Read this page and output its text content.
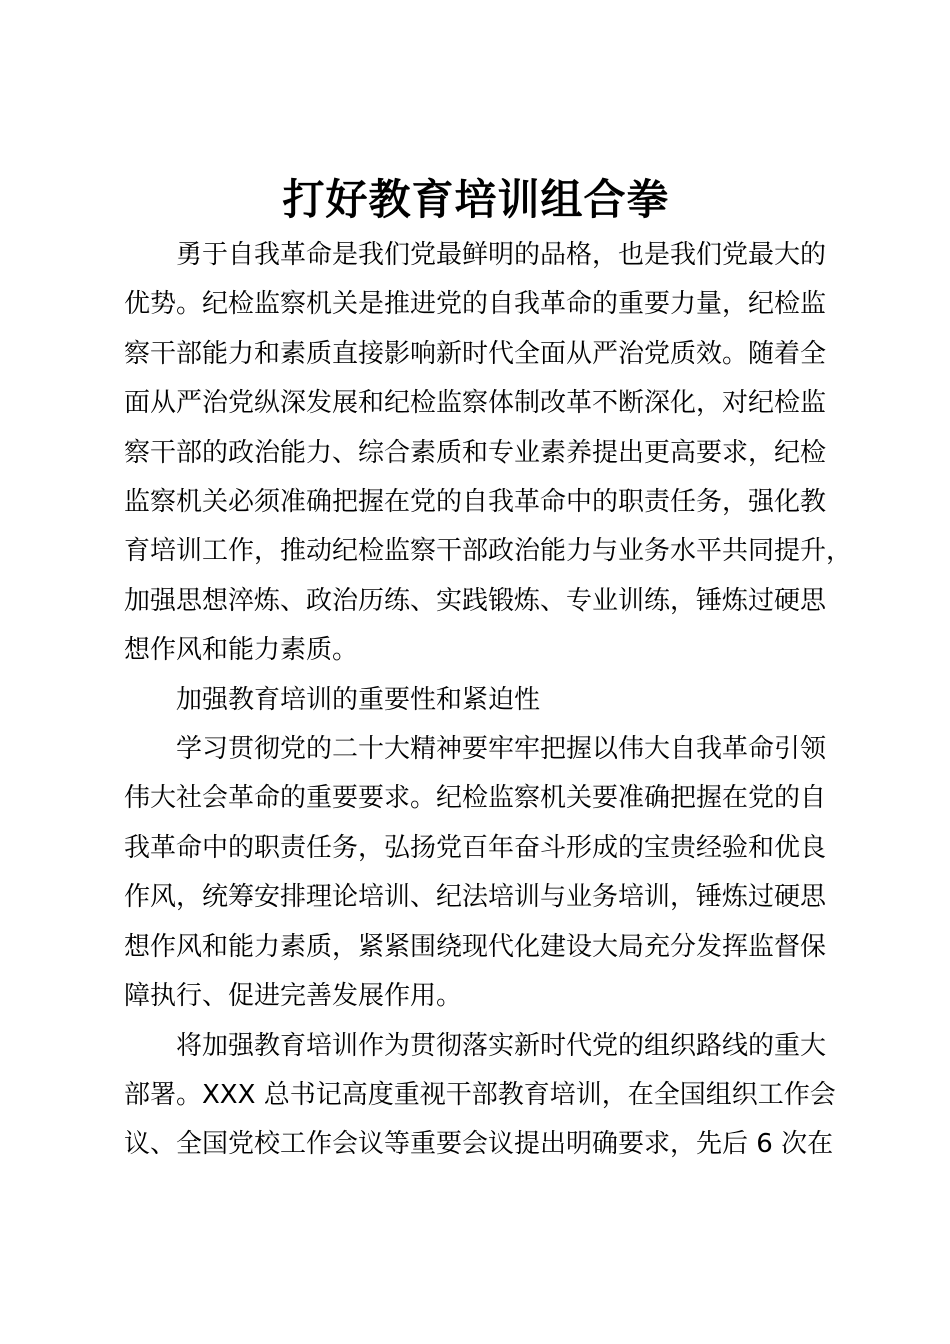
打好教育培训组合拳
勇于自我革命是我们党最鲜明的品格，也是我们党最大的
优势。纪检监察机关是推进党的自我革命的重要力量，纪检监
察干部能力和素质直接影响新时代全面从严治党质效。随着全
面从严治党纵深发展和纪检监察体制改革不断深化，对纪检监
察干部的政治能力、综合素质和专业素养提出更高要求，纪检
监察机关必须准确把握在党的自我革命中的职责任务，强化教
育培训工作，推动纪检监察干部政治能力与业务水平共同提升，
加强思想淬炼、政治历练、实践锻炼、专业训练，锤炼过硬思
想作风和能力素质。
加强教育培训的重要性和紧迫性
学习贯彻党的二十大精神要牢牢把握以伟大自我革命引领
伟大社会革命的重要要求。纪检监察机关要准确把握在党的自
我革命中的职责任务，弘扬党百年奋斗形成的宝贵经验和优良
作风，统筹安排理论培训、纪法培训与业务培训，锤炼过硬思
想作风和能力素质，紧紧围绕现代化建设大局充分发挥监督保
障执行、促进完善发展作用。
将加强教育培训作为贯彻落实新时代党的组织路线的重大
部署。XXX 总书记高度重视干部教育培训，在全国组织工作会
议、全国党校工作会议等重要会议提出明确要求，先后 6 次在
